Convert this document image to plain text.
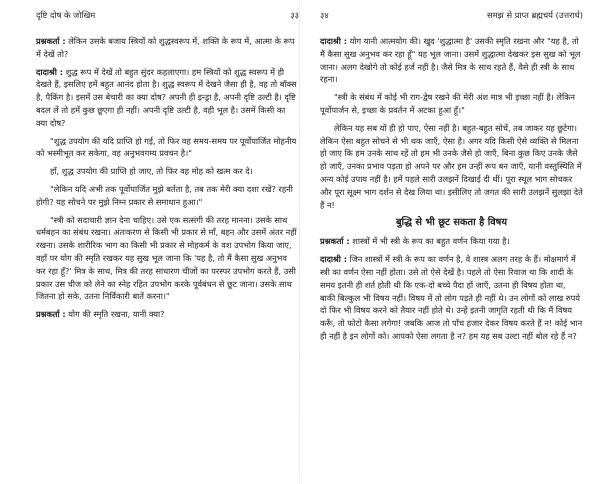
दृष्टि दोष के जोखिम	३३

प्रश्नकर्ता : लेकिन उसके बजाय स्त्रियों को शुद्धस्वरूप में, शक्ति के रूप में, आत्मा के रूप में देखें तो?

दादाश्री : शुद्ध रूप में देखें तो बहुत सुंदर कहलाएगा। हम स्त्रियों को शुद्ध स्वरूप में ही देखते हैं, इसलिए हमें बहुत आनंद होता है। शुद्ध स्वरूप में देखने जैसा ही है, वह तो बॉक्स है, पैकिंग है। इसमें उस बेचारी का क्या दोष? अपनी ही इन्ड्रा है, अपनी दृष्टि उल्टी है। दृष्टि बदल लें तो हमें कुछ छूएगा ही नहीं। अपनी दृष्टि उल्टी है, वही भूल है। उसमें किसी का क्या दोष?

"शुद्ध उपयोग की यदि प्राप्ति हो गई, तो फिर वह समय-समय पर पूर्वोपार्जित मोहनीय को भस्मीभूत कर सकेगा, वह अनुभवगम्य प्रवचन है।"

हाँ, शुद्ध उपयोग की प्राप्ति हो जाए, तो फिर वह मोह को खत्म कर दे।

"लेकिन यदि अभी तक पूर्वोपार्जित मुझे बर्तता है, तब तक मेरी क्या दशा रखें? रहनी होगी? यह सोचने पर मुझे निम्न प्रकार से समाधान हुआ।"

"स्त्री को सदाचारी ज्ञान देना चाहिए। उसे एक सत्संगी की तरह मानना। उसके साथ धर्मबहन का संबंध रखना। अंतःकरण से किसी भी प्रकार से माँ, बहन और उसमें अंतर नहीं रखना। उसके शारीरिक भाग का किसी भी प्रकार से मोहकर्म के वश उपभोग किया जाए, वहाँ पर योग की स्मृति रखकर यह सुख भूल जाना कि 'यह है, तो मैं कैसा सुख अनुभव कर रहा हूँ?' मित्र के साथ, मित्र की तरह साधारण चीजों का परस्पर उपभोग करते हैं, उसी प्रकार उस चीज को लेने का स्नेह रहित उपभोग करके पूर्वबंधन से छूट जाना। उसके साथ जितना हो सके, उतना निर्विकारी बातें करना।"

प्रश्नकर्ता : योग की स्मृति रखना, यानी क्या?

३४	समझ से प्राप्त ब्रह्मचर्य (उत्तरार्ध)

दादाश्री : योग यानी आत्मयोग की। खुद 'शुद्धात्मा है' उसकी स्मृति रखना और "यह है, तो मैं कैसा सुख अनुभव कर रहा हूँ" यह भूल जाना। उसमें शुद्धात्मा देखकर इस सुख को भूल जाना। अलग देखोगे तो कोई हर्ज नहीं है। जैसे मित्र के साथ रहते हैं, वैसे ही स्त्री के साथ रहना।

"स्त्री के संबंध में कोई भी राग-द्वेष रखने की मेरी अंश मात्र भी इच्छा नहीं है। लेकिन पूर्वोपार्जन से, इच्छा के प्रवर्तन में अटका हुआ हूँ।"

लेकिन यह सब यों ही हो पाए, ऐसा नहीं है। बहुत-बहुत सोचें, तब जाकर यह छूटेगा। लेकिन ऐसा बहुत सोचने से भी थक जाएँ, ऐसा है। अगर यदि किसी ऐसे व्यक्ति से मिलना हो जाए कि हम उनके साथ रहें तो हम भी उनके जैसे हो जाएँ, बिना कुछ किए उनके जैसे हो जाएँ, उनका प्रभाव पड़ता हो अपने पर और हम उन्हीं रूप बन जाएँ, यानी वस्तुस्थिति में अन्य कोई उपाय नहीं है। हमें पहले सारी उलझनें दिखाई दी थीं। पूरा स्थूल भाग सोचकर और पूरा सूक्ष्म भाग दर्शन से देख लिया था। इसीलिए तो जगत की सारी उलझनें सुलझा देते हैं न!

बुद्धि से भी छूट सकता है विषय

प्रश्नकर्ता : शास्त्रों में भी स्त्री के रूप का बहुत वर्णन किया गया है।

दादाश्री : जिन शास्त्रों में स्त्री के रूप का वर्णन है, वे शास्त्र अलग तरह के हैं। मोक्षमार्ग में स्त्री का वर्णन ऐसा नहीं होता। उसे तो ऐसे देखें है। पहले तो ऐसा रिवाज था कि शादी के समय इतनी ही शर्त होती थी कि एक-दो बच्चे पैदा हों जाएँ, उतना ही विषय होता था, बाकी बिल्कुल भी विषय नहीं। विषय में तो लोग पड़ते ही नहीं थे। उन लोगों को लाख रुपये दो फिर भी विषय करने को तैयार नहीं होते थे। उन्हें इतनी जागृति रहती थी कि मैं विषय करूँ, तो फोटो कैसा लगेगा! जबकि आज तो पाँच हजार देकर विषय करते हैं न! कोई भान ही नहीं है इन लोगों को। आपको ऐसा लगता है न? हम यह सब उल्टा नहीं बोल रहे हैं न?
